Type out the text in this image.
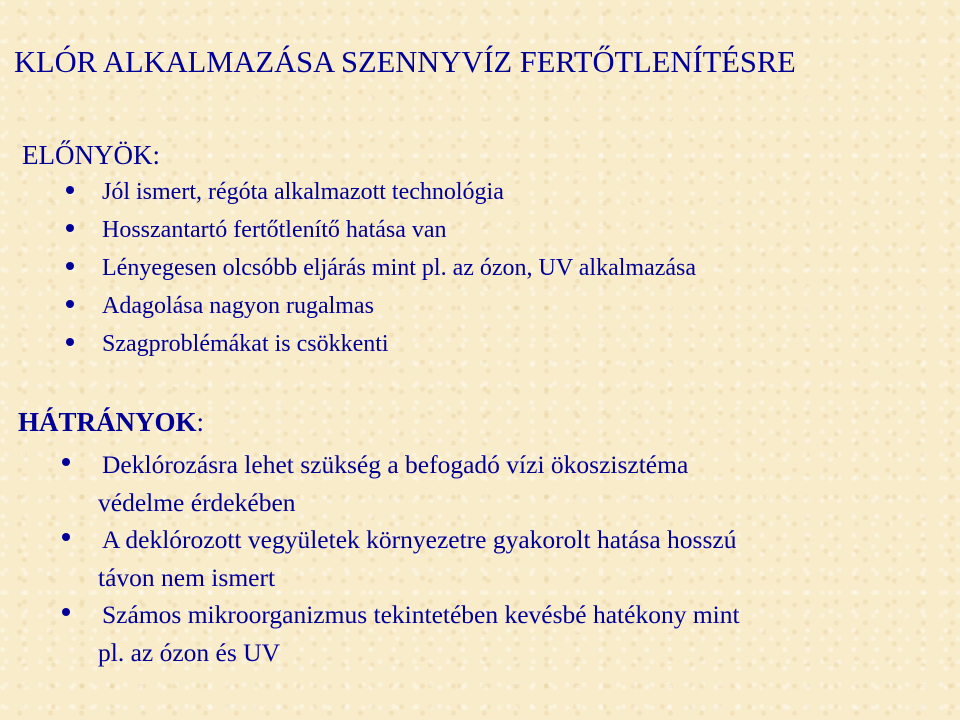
KLÓR ALKALMAZÁSA SZENNYVÍZ FERTŐTLENÍTÉSRE
ELŐNYÖK:
Jól ismert, régóta alkalmazott technológia
Hosszantartó fertőtlenítő hatása van
Lényegesen olcsóbb eljárás mint pl. az ózon, UV alkalmazása
Adagolása nagyon rugalmas
Szagproblémákat is csökkenti
HÁTRÁNYOK:
Deklórozásra lehet szükség a befogadó vízi ökoszisztéma
védelme érdekében
A deklórozott vegyületek környezetre gyakorolt hatása hosszú
távon nem ismert
Számos mikroorganizmus tekintetében kevésbé hatékony mint
pl. az ózon és UV
